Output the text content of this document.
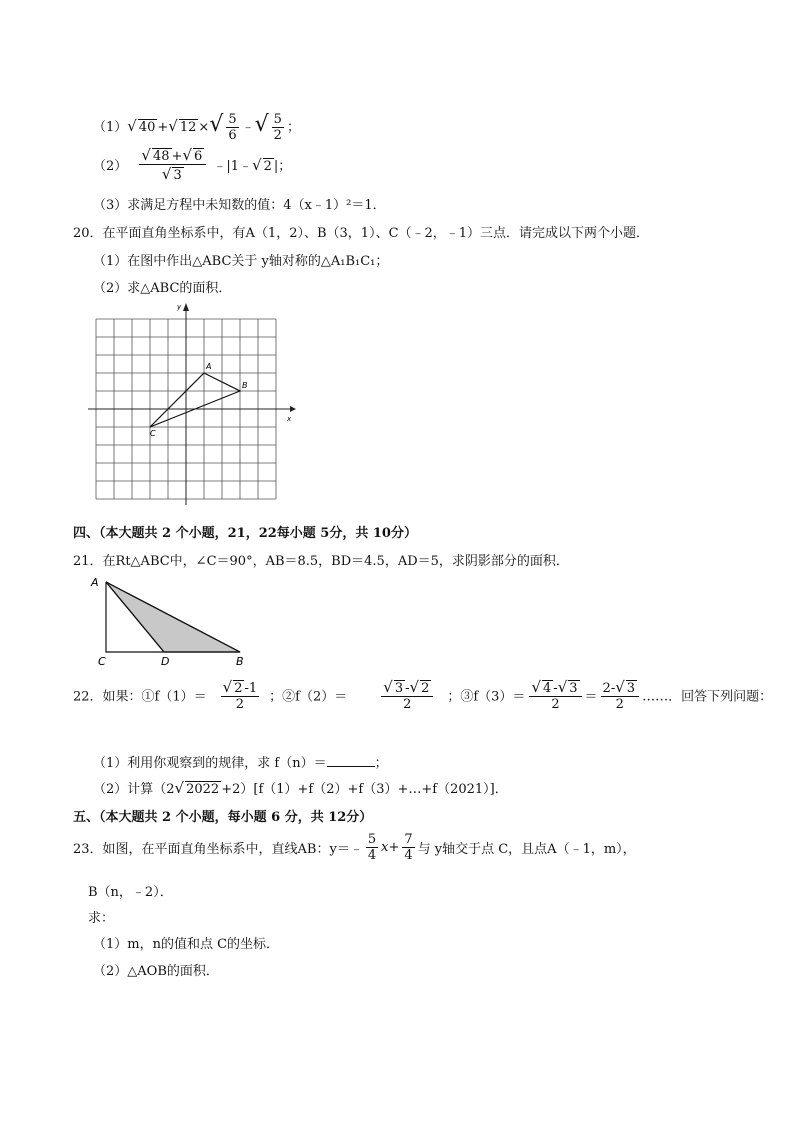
（1）√ 40 +√ 12 ×√ $\frac{5}{6}$ ﹣√ $\frac{5}{2}$ ；
$(2) \frac{√ 48 +√ 6}{√ 3}$ ﹣|1﹣√ 2 |；
（3）求满足方程中未知数的值：4（x﹣1）²＝1．
20．在平面直角坐标系中，有A（1，2）、B（3，1）、C（﹣2，﹣1）三点．请完成以下两个小题．
（1）在图中作出△ABC关于 y轴对称的△A₁B₁C₁；
（2）求△ABC的面积．
x
y
A
B
C
四、（本大题共 2 个小题，21，22每小题 5分，共 10分）
21．在Rt△ABC中，∠C＝90°，AB＝8.5，BD＝4.5，AD＝5，求阴影部分的面积．
A
C	D	B
22．如果：①f（1）＝ $\frac{√ 2 -1}{2}$ ；②f（2）＝ $\frac{√ 3 -√ 2}{2}$ ；③f（3）＝ $\frac{√ 4 -√ 3}{2} = \frac{2-√ 3}{2}$ ……．回答下列问题：
（1）利用你观察到的规律，求 f（n）＝	；
（2）计算（2√ 2022 +2）[f（1）+f（2）+f（3）+…+f（2021）]．
五、（本大题共 2 个小题，每小题 6 分，共 12分）
23．如图，在平面直角坐标系中，直线AB：y＝﹣ $\frac{5}{4} x+ \frac{7}{4}$ 与 y轴交于点 C，且点A（﹣1，m），
B（n，﹣2）．
求：
（1）m，n的值和点 C的坐标．
（2）△AOB的面积．
